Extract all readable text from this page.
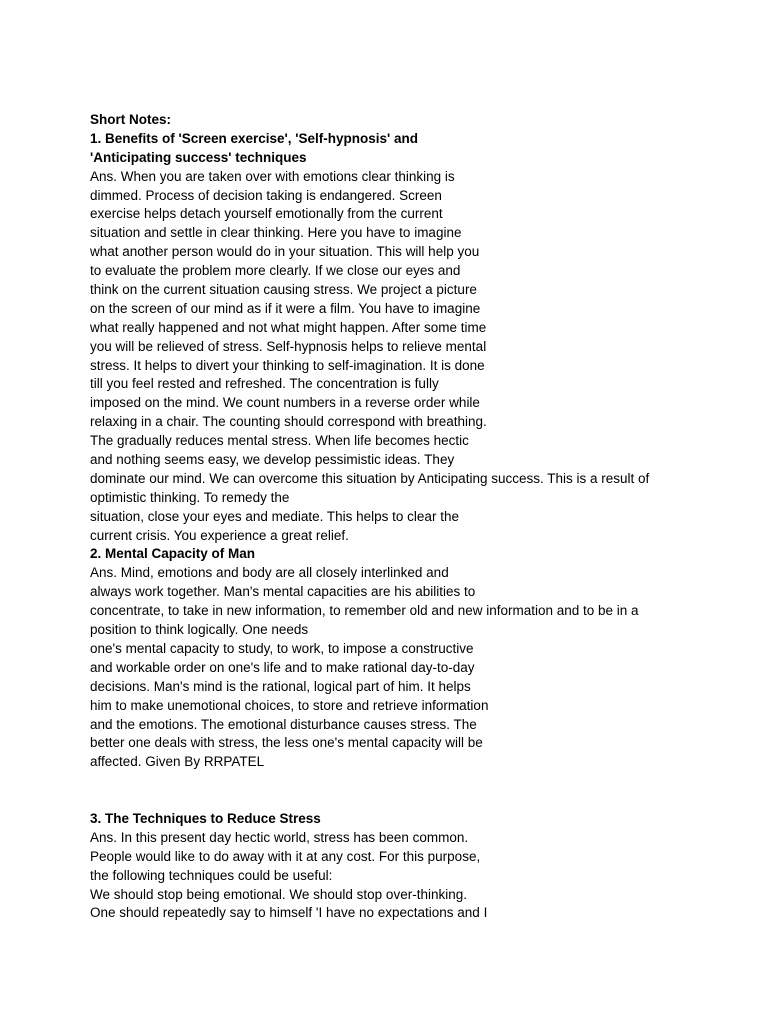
Short Notes:
1. Benefits of 'Screen exercise', 'Self-hypnosis' and
'Anticipating success' techniques
Ans. When you are taken over with emotions clear thinking is
dimmed. Process of decision taking is endangered. Screen
exercise helps detach yourself emotionally from the current
situation and settle in clear thinking. Here you have to imagine
what another person would do in your situation. This will help you
to evaluate the problem more clearly. If we close our eyes and
think on the current situation causing stress. We project a picture
on the screen of our mind as if it were a film. You have to imagine
what really happened and not what might happen. After some time
you will be relieved of stress. Self-hypnosis helps to relieve mental
stress. It helps to divert your thinking to self-imagination. It is done
till you feel rested and refreshed. The concentration is fully
imposed on the mind. We count numbers in a reverse order while
relaxing in a chair. The counting should correspond with breathing.
The gradually reduces mental stress. When life becomes hectic
and nothing seems easy, we develop pessimistic ideas. They
dominate our mind. We can overcome this situation by Anticipating success. This is a result of
optimistic thinking. To remedy the
situation, close your eyes and mediate. This helps to clear the
current crisis. You experience a great relief.
2. Mental Capacity of Man
Ans. Mind, emotions and body are all closely interlinked and
always work together. Man's mental capacities are his abilities to
concentrate, to take in new information, to remember old and new information and to be in a
position to think logically. One needs
one's mental capacity to study, to work, to impose a constructive
and workable order on one's life and to make rational day-to-day
decisions. Man's mind is the rational, logical part of him. It helps
him to make unemotional choices, to store and retrieve information
and the emotions. The emotional disturbance causes stress. The
better one deals with stress, the less one's mental capacity will be
affected. Given By RRPATEL
3. The Techniques to Reduce Stress
Ans. In this present day hectic world, stress has been common.
People would like to do away with it at any cost. For this purpose,
the following techniques could be useful:
We should stop being emotional. We should stop over-thinking.
One should repeatedly say to himself 'I have no expectations and I
